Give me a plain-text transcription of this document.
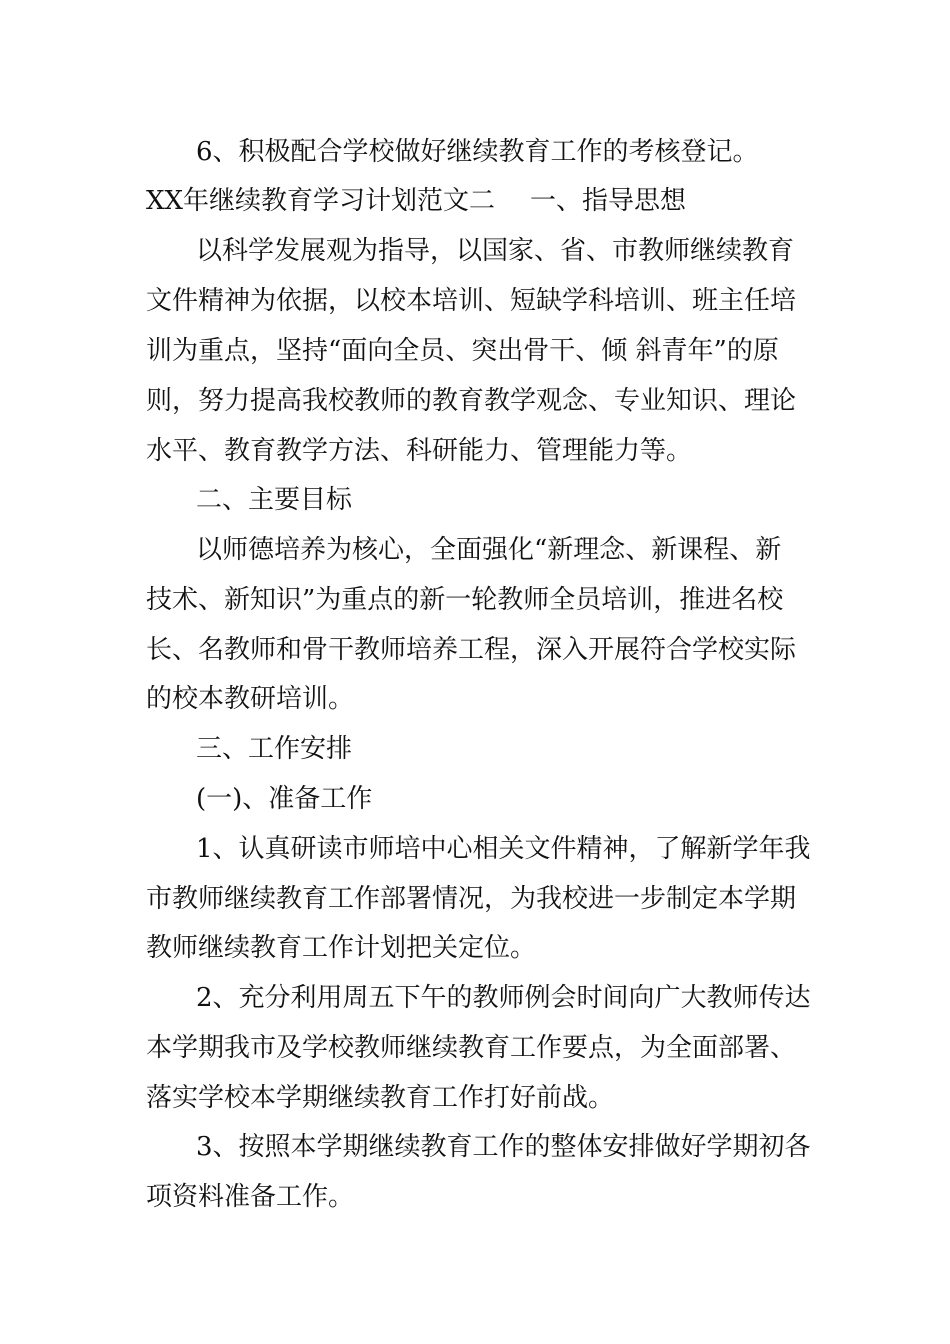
6、积极配合学校做好继续教育工作的考核登记。
XX年继续教育学习计划范文二 一、指导思想
以科学发展观为指导，以国家、省、市教师继续教育
文件精神为依据，以校本培训、短缺学科培训、班主任培
训为重点，坚持“面向全员、突出骨干、倾 斜青年”的原
则，努力提高我校教师的教育教学观念、专业知识、理论
水平、教育教学方法、科研能力、管理能力等。
二、主要目标
以师德培养为核心，全面强化“新理念、新课程、新
技术、新知识”为重点的新一轮教师全员培训，推进名校
长、名教师和骨干教师培养工程，深入开展符合学校实际
的校本教研培训。
三、工作安排
(一)、准备工作
1、认真研读市师培中心相关文件精神，了解新学年我
市教师继续教育工作部署情况，为我校进一步制定本学期
教师继续教育工作计划把关定位。
2、充分利用周五下午的教师例会时间向广大教师传达
本学期我市及学校教师继续教育工作要点，为全面部署、
落实学校本学期继续教育工作打好前战。
3、按照本学期继续教育工作的整体安排做好学期初各
项资料准备工作。
